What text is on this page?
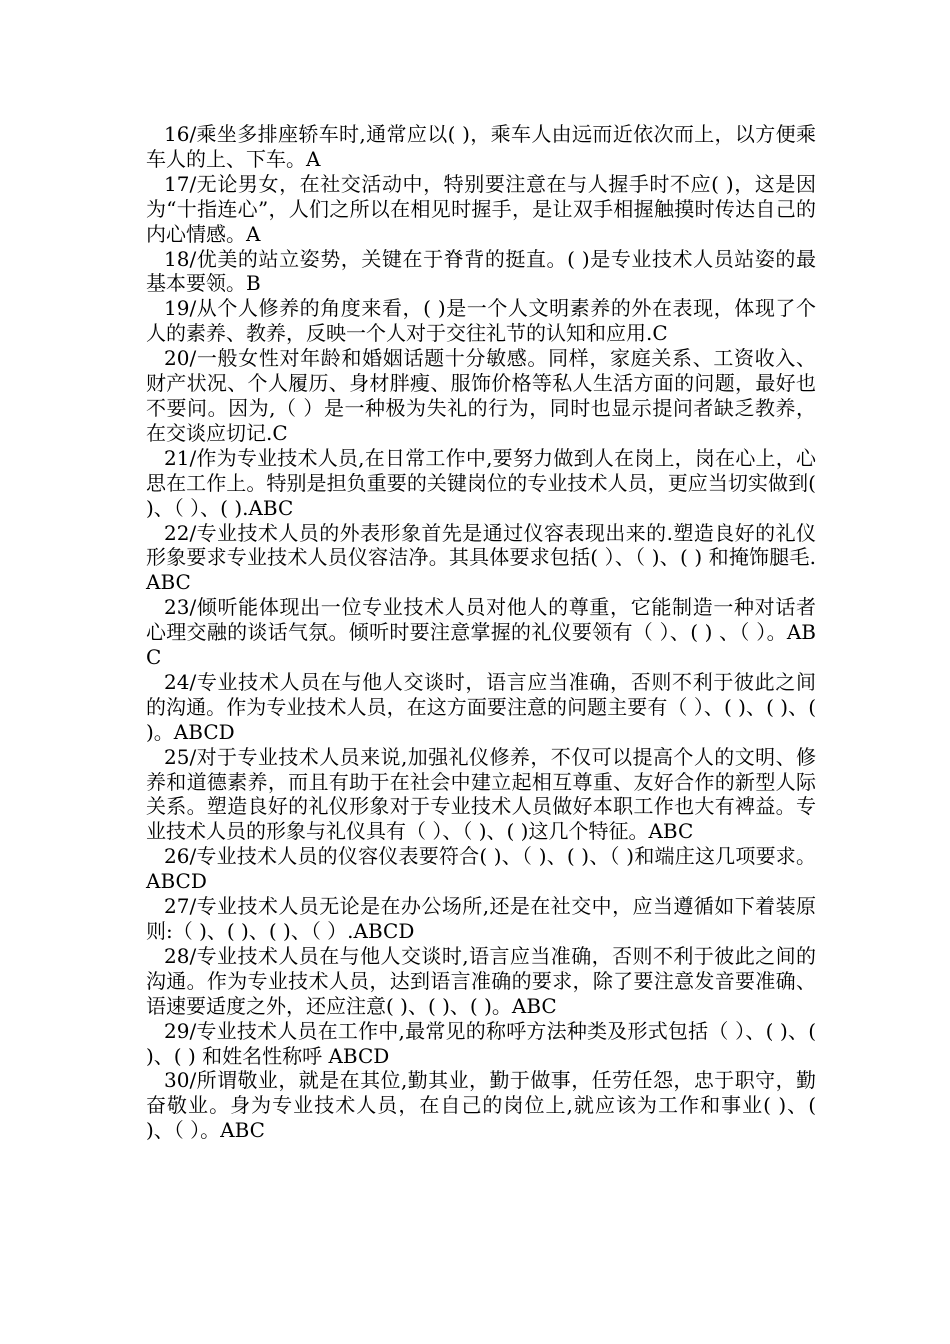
16/乘坐多排座轿车时,通常应以( )，乘车人由远而近依次而上，以方便乘车人的上、下车。A

17/无论男女，在社交活动中，特别要注意在与人握手时不应( )，这是因为“十指连心”，人们之所以在相见时握手，是让双手相握触摸时传达自己的内心情感。A

18/优美的站立姿势，关键在于脊背的挺直。( )是专业技术人员站姿的最基本要领。B

19/从个人修养的角度来看，( )是一个人文明素养的外在表现，体现了个人的素养、教养，反映一个人对于交往礼节的认知和应用.C

20/一般女性对年龄和婚姻话题十分敏感。同样，家庭关系、工资收入、财产状况、个人履历、身材胖瘦、服饰价格等私人生活方面的问题，最好也不要问。因为,（ ）是一种极为失礼的行为，同时也显示提问者缺乏教养，在交谈应切记.C

21/作为专业技术人员,在日常工作中,要努力做到人在岗上，岗在心上，心思在工作上。特别是担负重要的关键岗位的专业技术人员，更应当切实做到( )、（ ）、( ).ABC

22/专业技术人员的外表形象首先是通过仪容表现出来的.塑造良好的礼仪形象要求专业技术人员仪容洁净。其具体要求包括( ）、（ )、( ) 和掩饰腿毛.ABC

23/倾听能体现出一位专业技术人员对他人的尊重，它能制造一种对话者心理交融的谈话气氛。倾听时要注意掌握的礼仪要领有（ ）、( ) 、（ ）。ABC

24/专业技术人员在与他人交谈时，语言应当准确，否则不利于彼此之间的沟通。作为专业技术人员，在这方面要注意的问题主要有（ ）、( )、( )、( )。ABCD

25/对于专业技术人员来说,加强礼仪修养，不仅可以提高个人的文明、修养和道德素养，而且有助于在社会中建立起相互尊重、友好合作的新型人际关系。塑造良好的礼仪形象对于专业技术人员做好本职工作也大有裨益。专业技术人员的形象与礼仪具有（ ）、（ )、( )这几个特征。ABC

26/专业技术人员的仪容仪表要符合( )、（ )、( )、（ )和端庄这几项要求。ABCD

27/专业技术人员无论是在办公场所,还是在社交中，应当遵循如下着装原则:（ )、( )、( )、（ ）.ABCD

28/专业技术人员在与他人交谈时,语言应当准确，否则不利于彼此之间的沟通。作为专业技术人员，达到语言准确的要求，除了要注意发音要准确、语速要适度之外，还应注意( )、( )、( )。ABC

29/专业技术人员在工作中,最常见的称呼方法种类及形式包括（ ）、( )、( )、( ) 和姓名性称呼 ABCD

30/所谓敬业，就是在其位,勤其业，勤于做事，任劳任怨，忠于职守，勤奋敬业。身为专业技术人员，在自己的岗位上,就应该为工作和事业( )、( )、（ ）。ABC
